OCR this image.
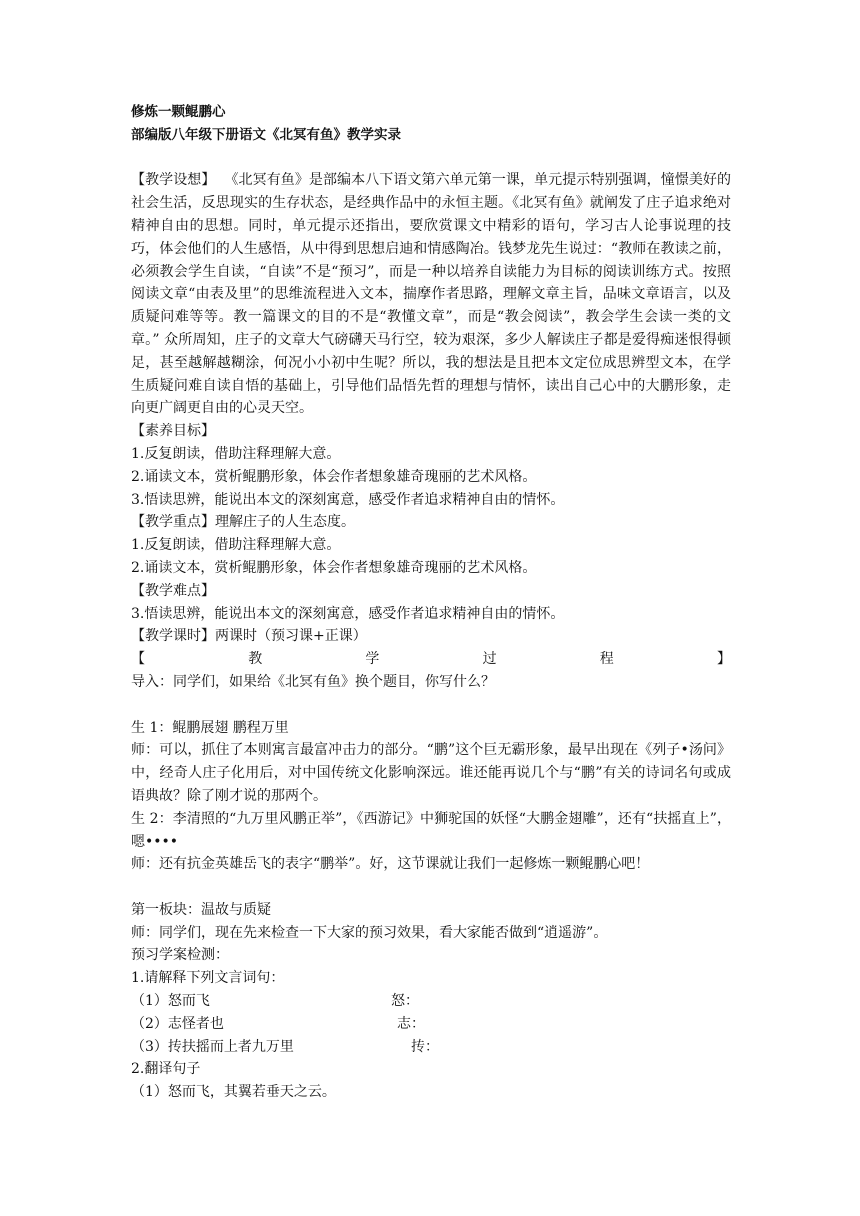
修炼一颗鲲鹏心
部编版八年级下册语文《北冥有鱼》教学实录
【教学设想】 《北冥有鱼》是部编本八下语文第六单元第一课，单元提示特别强调，憧憬美好的社会生活，反思现实的生存状态，是经典作品中的永恒主题。《北冥有鱼》就阐发了庄子追求绝对精神自由的思想。同时，单元提示还指出，要欣赏课文中精彩的语句，学习古人论事说理的技巧，体会他们的人生感悟，从中得到思想启迪和情感陶冶。钱梦龙先生说过：“教师在教读之前，必须教会学生自读，“自读”不是“预习”，而是一种以培养自读能力为目标的阅读训练方式。按照阅读文章“由表及里”的思维流程进入文本，揣摩作者思路，理解文章主旨，品味文章语言，以及质疑问难等等。教一篇课文的目的不是“教懂文章”，而是“教会阅读”，教会学生会读一类的文章。” 众所周知，庄子的文章大气磅礴天马行空，较为艰深，多少人解读庄子都是爱得痴迷恨得顿足，甚至越解越糊涂，何况小小初中生呢？所以，我的想法是且把本文定位成思辨型文本，在学生质疑问难自读自悟的基础上，引导他们品悟先哲的理想与情怀，读出自己心中的大鹏形象，走向更广阔更自由的心灵天空。
【素养目标】
1.反复朗读，借助注释理解大意。
2.诵读文本，赏析鲲鹏形象，体会作者想象雄奇瑰丽的艺术风格。
3.悟读思辨，能说出本文的深刻寓意，感受作者追求精神自由的情怀。
【教学重点】理解庄子的人生态度。
1.反复朗读，借助注释理解大意。
2.诵读文本，赏析鲲鹏形象，体会作者想象雄奇瑰丽的艺术风格。
【教学难点】
3.悟读思辨，能说出本文的深刻寓意，感受作者追求精神自由的情怀。
【教学课时】两课时（预习课+正课）
【	教	学	过	程	】
导入：同学们，如果给《北冥有鱼》换个题目，你写什么？
生 1：鲲鹏展翅 鹏程万里
师：可以，抓住了本则寓言最富冲击力的部分。“鹏”这个巨无霸形象，最早出现在《列子•汤问》中，经奇人庄子化用后，对中国传统文化影响深远。谁还能再说几个与“鹏”有关的诗词名句或成语典故？除了刚才说的那两个。
生 2：李清照的“九万里风鹏正举”，《西游记》中狮驼国的妖怪“大鹏金翅雕”，还有“扶摇直上”，嗯••••
师：还有抗金英雄岳飞的表字“鹏举”。好，这节课就让我们一起修炼一颗鲲鹏心吧！
第一板块：温故与质疑
师：同学们，现在先来检查一下大家的预习效果，看大家能否做到“逍遥游”。
预习学案检测：
1.请解释下列文言词句：
（1）怒而飞	怒：
（2）志怪者也	志：
（3）抟扶摇而上者九万里	抟：
2.翻译句子
（1）怒而飞，其翼若垂天之云。
